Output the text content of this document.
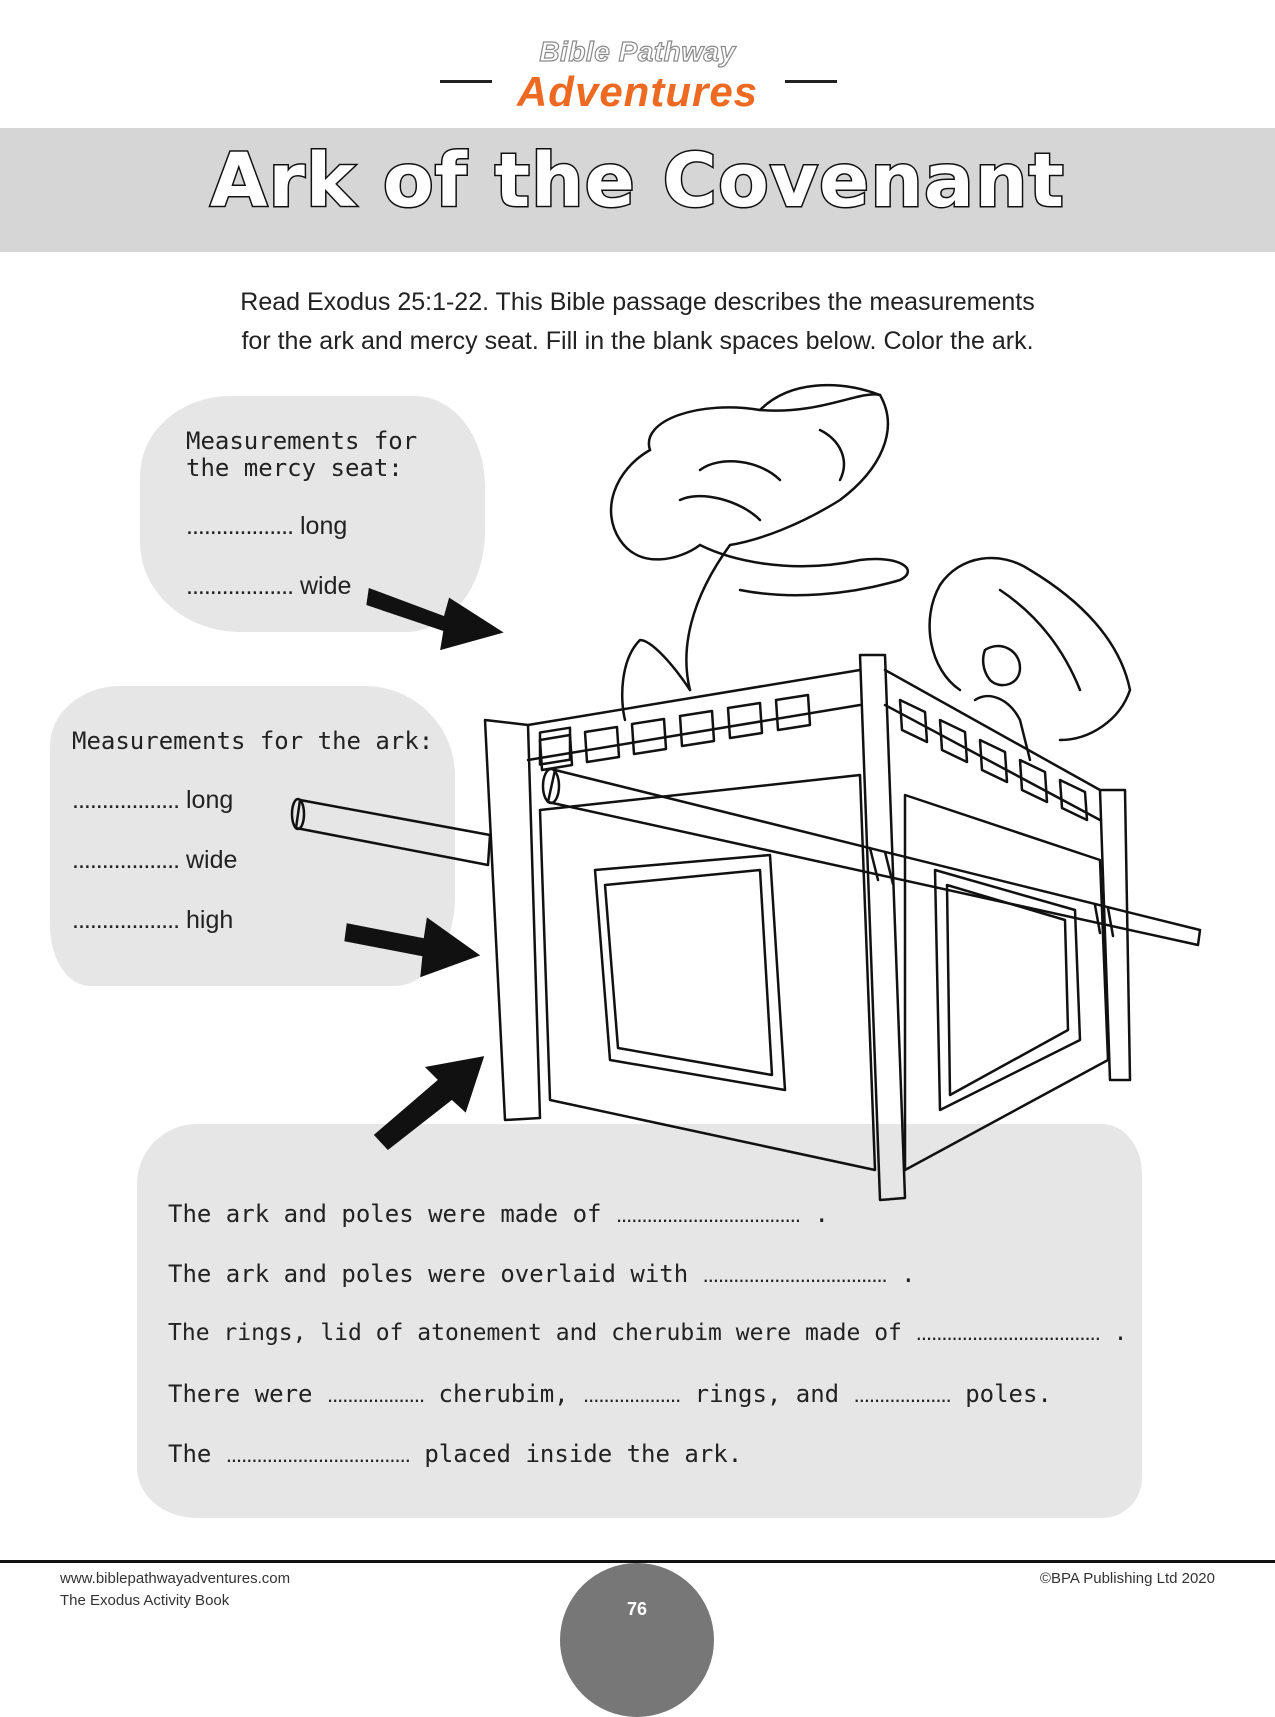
Bible Pathway
Adventures
Ark of the Covenant
Read Exodus 25:1-22. This Bible passage describes the measurements
for the ark and mercy seat. Fill in the blank spaces below. Color the ark.
Measurements for
the mercy seat:
.................. long
.................. wide
Measurements for the ark:
.................. long
.................. wide
.................. high
The ark and poles were made of .................................... .
The ark and poles were overlaid with .................................... .
The rings, lid of atonement and cherubim were made of .................................... .
There were ................... cherubim, ................... rings, and ................... poles.
The .................................... placed inside the ark.
www.biblepathwayadventures.com
The Exodus Activity Book
©BPA Publishing Ltd 2020
76
